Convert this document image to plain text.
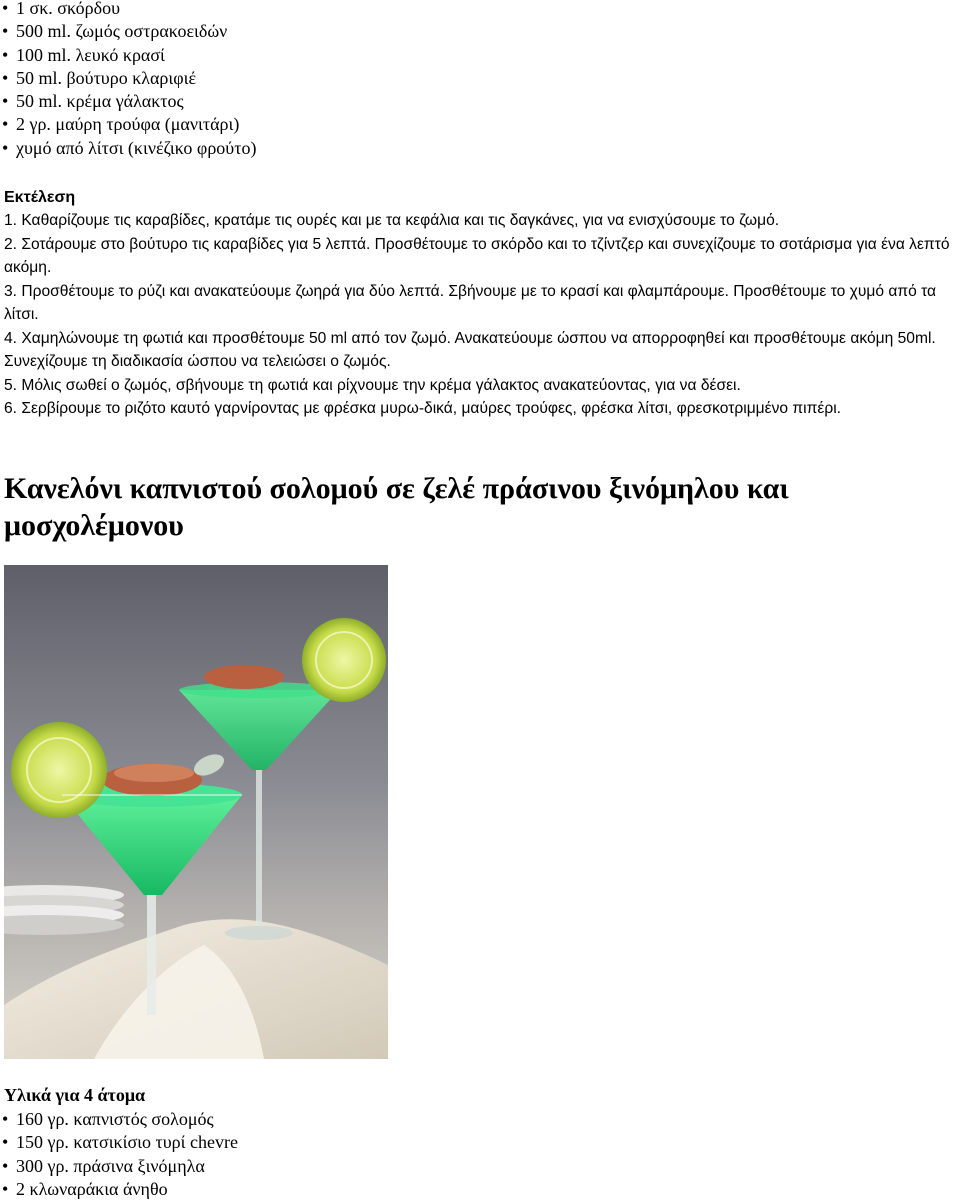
• 1 σκ. σκόρδου
• 500 ml. ζωμός οστρακοειδών
• 100 ml. λευκό κρασί
• 50 ml. βούτυρο κλαριφιέ
• 50 ml. κρέμα γάλακτος
• 2 γρ. μαύρη τρούφα (μανιτάρι)
• χυμό από λίτσι (κινέζικο φρούτο)
Εκτέλεση

1. Καθαρίζουμε τις καραβίδες, κρατάμε τις ουρές και με τα κεφάλια και τις δαγκάνες, για να ενισχύσουμε το ζωμό.

2. Σοτάρουμε στο βούτυρο τις καραβίδες για 5 λεπτά. Προσθέτουμε το σκόρδο και το τζίντζερ και συνεχίζουμε το σοτάρισμα για ένα λεπτό ακόμη.

3. Προσθέτουμε το ρύζι και ανακατεύουμε ζωηρά για δύο λεπτά. Σβήνουμε με το κρασί και φλαμπάρουμε. Προσθέτουμε το χυμό από τα λίτσι.

4. Χαμηλώνουμε τη φωτιά και προσθέτουμε 50 ml από τον ζωμό. Ανακατεύουμε ώσπου να απορροφηθεί και προσθέτουμε ακόμη 50ml. Συνεχίζουμε τη διαδικασία ώσπου να τελειώσει ο ζωμός.

5. Μόλις σωθεί ο ζωμός, σβήνουμε τη φωτιά και ρίχνουμε την κρέμα γάλακτος ανακατεύοντας, για να δέσει.

6. Σερβίρουμε το ριζότο καυτό γαρνίροντας με φρέσκα μυρω-δικά, μαύρες τρούφες, φρέσκα λίτσι, φρεσκοτριμμένο πιπέρι.

Κανελόνι καπνιστού σολομού σε ζελέ πράσινου ξινόμηλου και μοσχολέμονου
Υλικά για 4 άτομα
• 160 γρ. καπνιστός σολομός
• 150 γρ. κατσικίσιο τυρί chevre
• 300 γρ. πράσινα ξινόμηλα
• 2 κλωναράκια άνηθο
